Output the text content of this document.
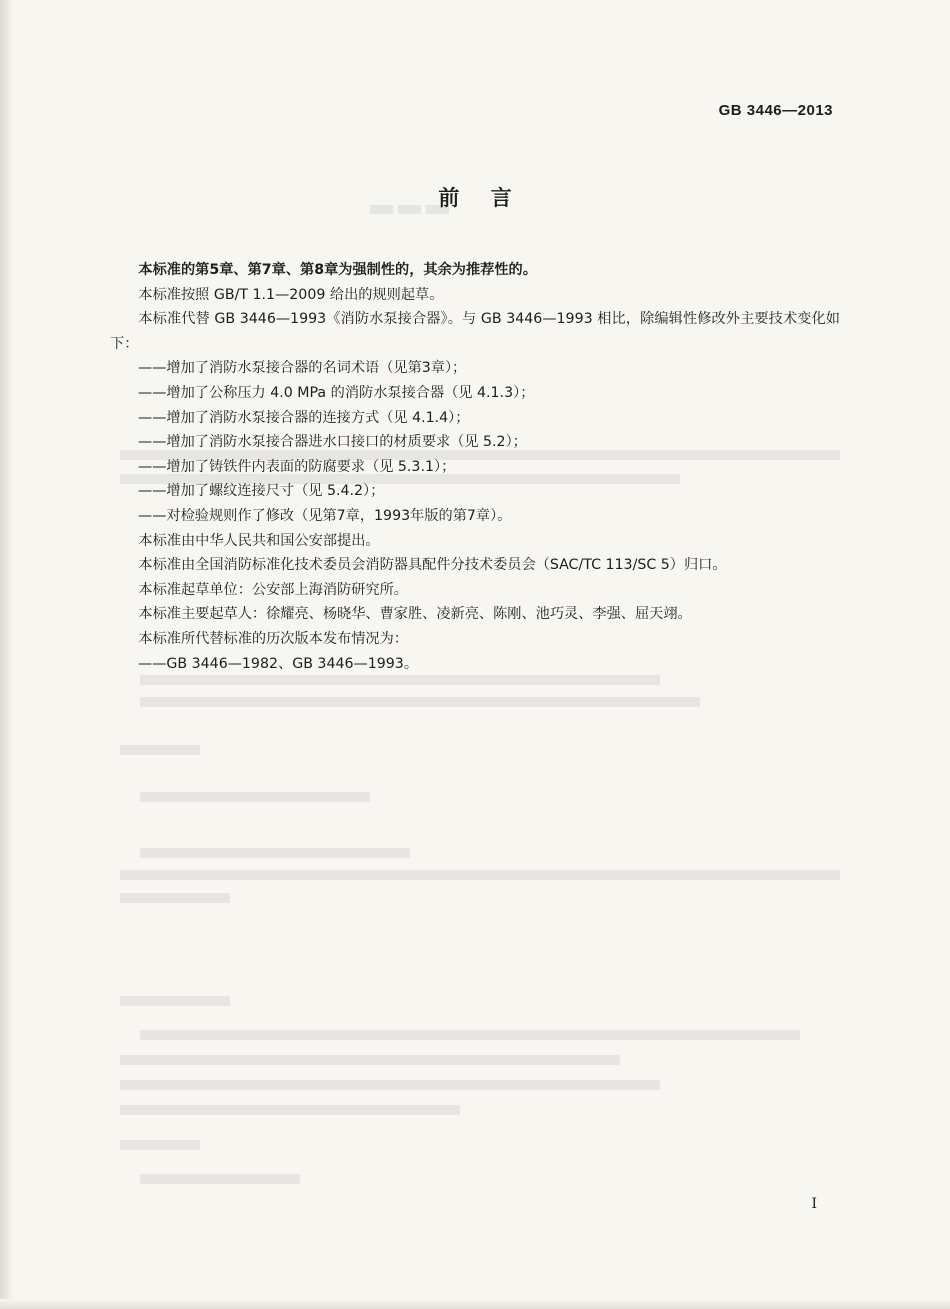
▄▄ ▄▄ ▄▄
GB 3446—2013
前 言

本标准的第5章、第7章、第8章为强制性的，其余为推荐性的。

本标准按照 GB/T 1.1—2009 给出的规则起草。

本标准代替 GB 3446—1993《消防水泵接合器》。与 GB 3446—1993 相比，除编辑性修改外主要技术变化如下：

——增加了消防水泵接合器的名词术语（见第3章）；

——增加了公称压力 4.0 MPa 的消防水泵接合器（见 4.1.3）；

——增加了消防水泵接合器的连接方式（见 4.1.4）；

——增加了消防水泵接合器进水口接口的材质要求（见 5.2）；

——增加了铸铁件内表面的防腐要求（见 5.3.1）；

——增加了螺纹连接尺寸（见 5.4.2）；

——对检验规则作了修改（见第7章，1993年版的第7章）。

本标准由中华人民共和国公安部提出。

本标准由全国消防标准化技术委员会消防器具配件分技术委员会（SAC/TC 113/SC 5）归口。

本标准起草单位：公安部上海消防研究所。

本标准主要起草人：徐耀亮、杨晓华、曹家胜、凌新亮、陈刚、池巧灵、李强、屈天翊。

本标准所代替标准的历次版本发布情况为：

——GB 3446—1982、GB 3446—1993。

I
